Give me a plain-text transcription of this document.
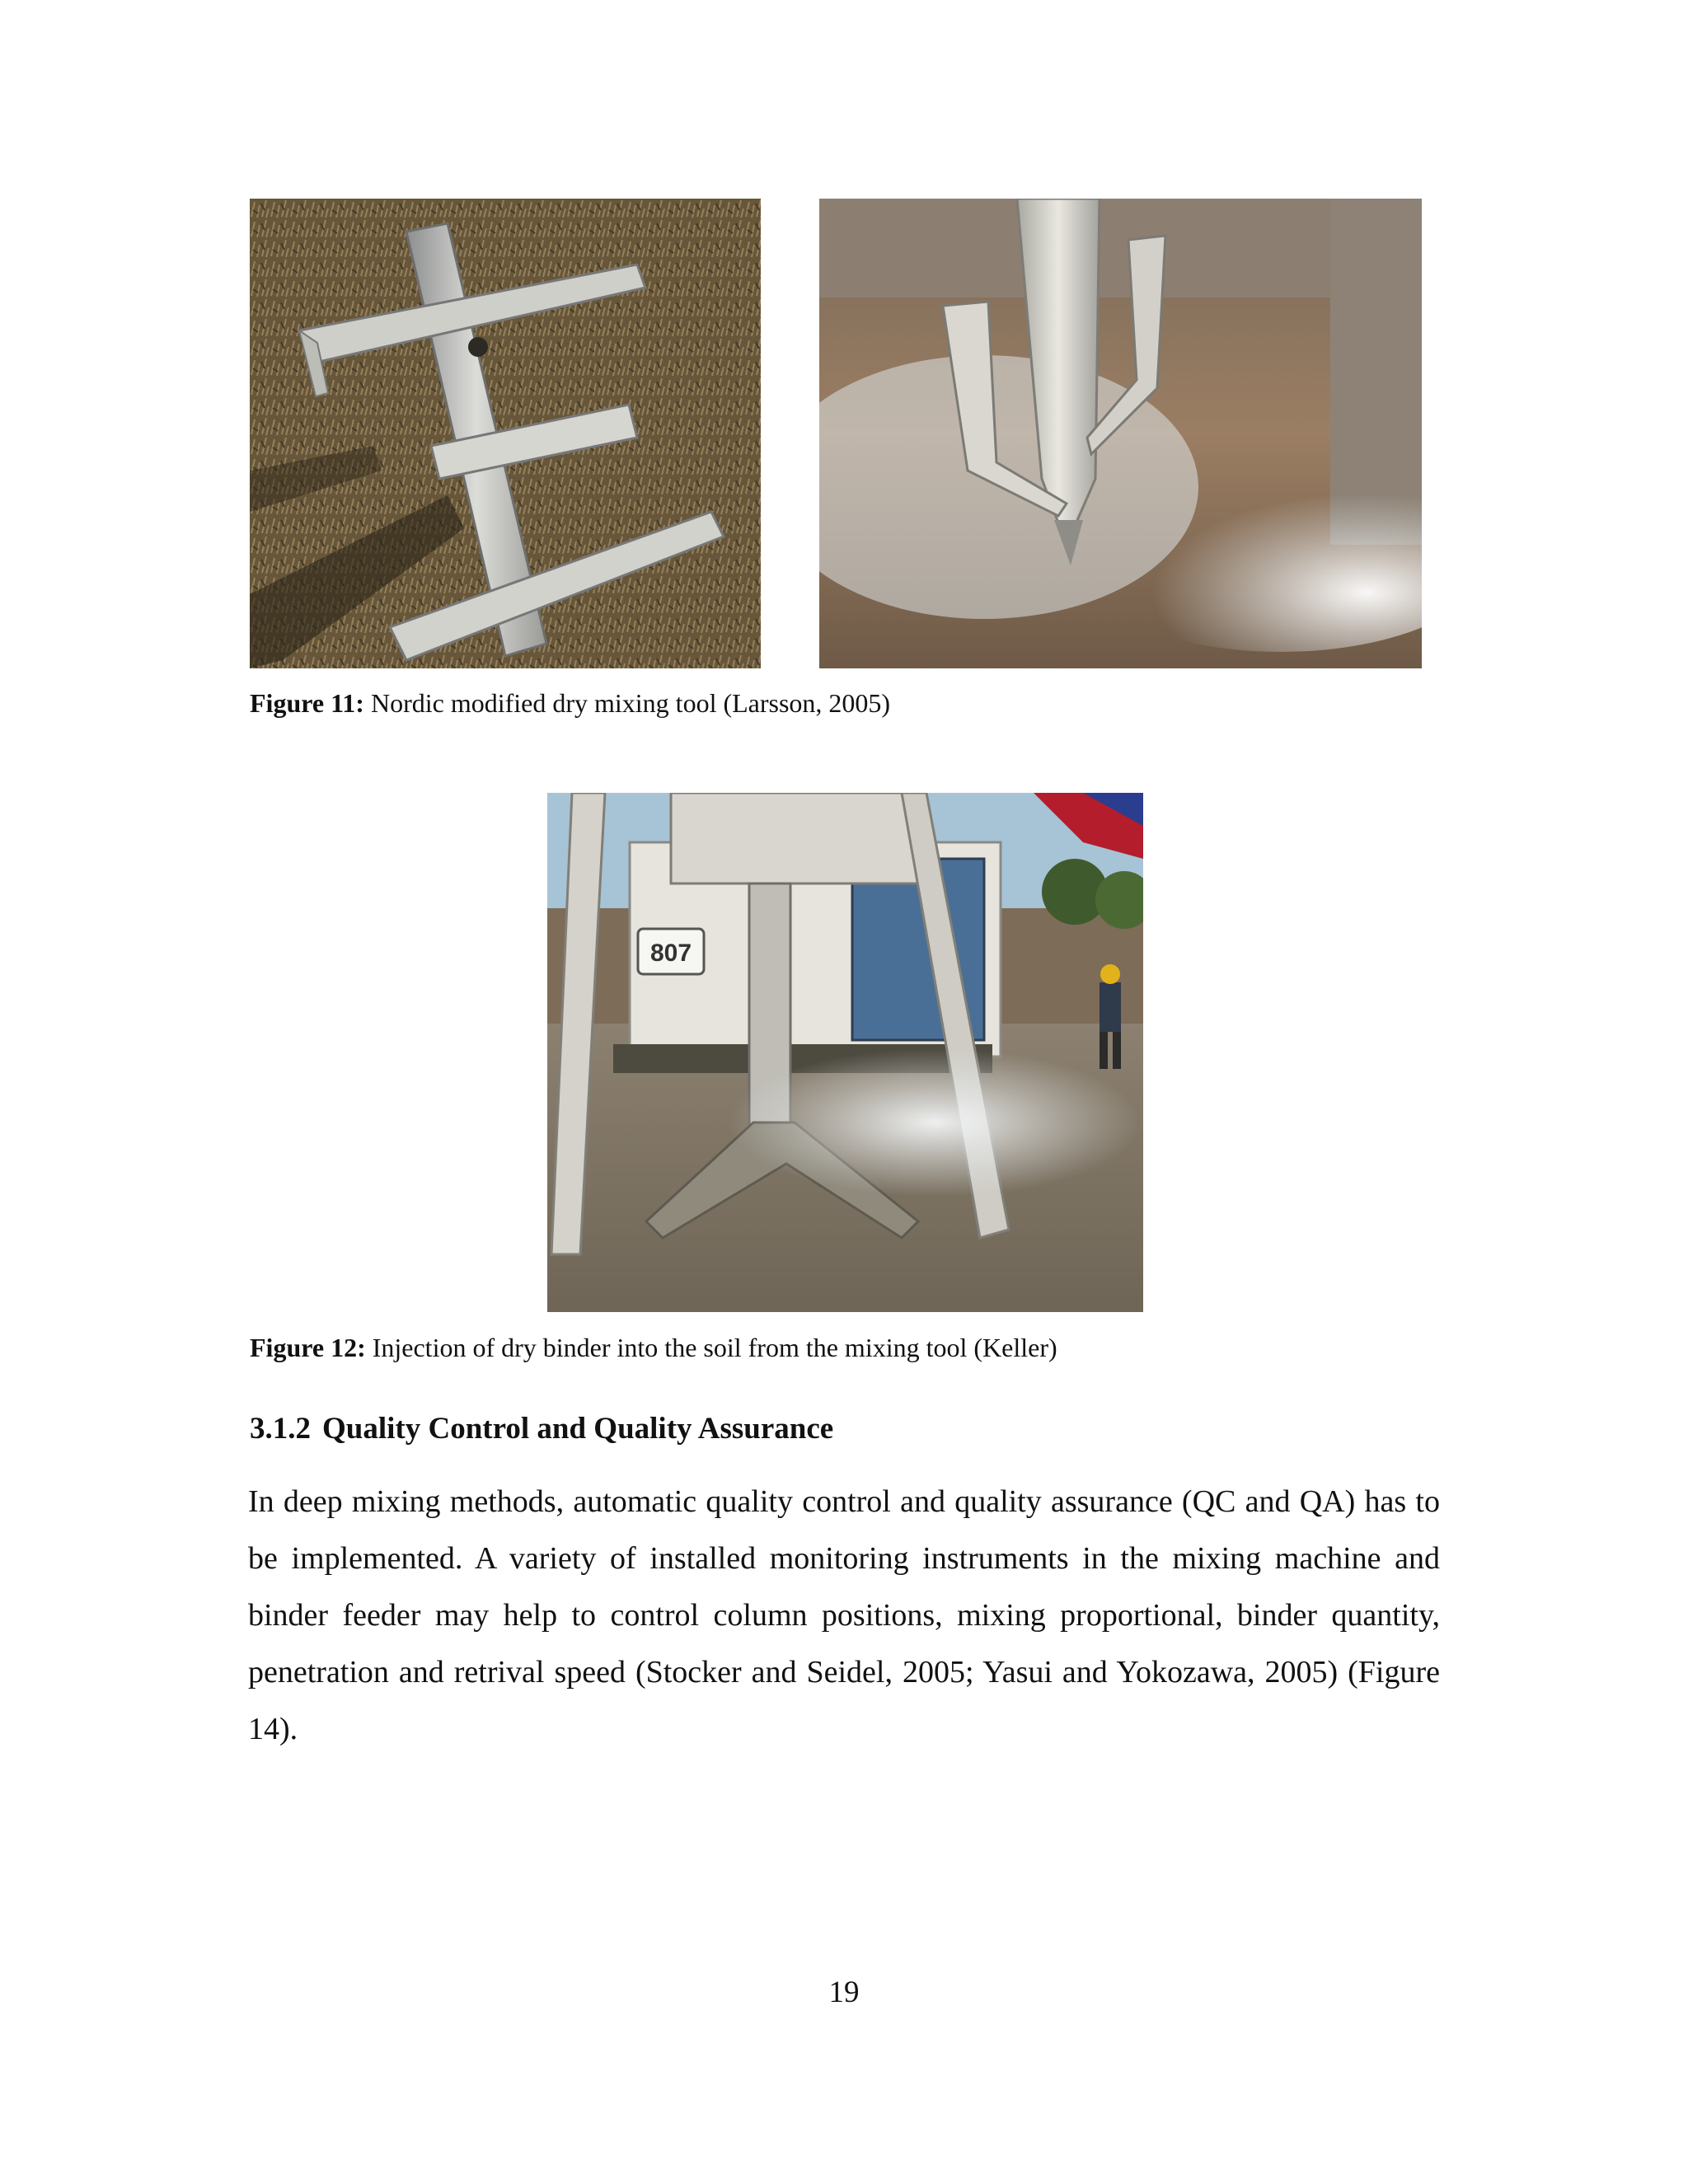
Figure 11: Nordic modified dry mixing tool (Larsson, 2005)
807
Figure 12: Injection of dry binder into the soil from the mixing tool (Keller)
3.1.2 Quality Control and Quality Assurance
In deep mixing methods, automatic quality control and quality assurance (QC and QA) has to be implemented. A variety of installed monitoring instruments in the mixing machine and binder feeder may help to control column positions, mixing proportional, binder quantity, penetration and retrival speed (Stocker and Seidel, 2005; Yasui and Yokozawa, 2005) (Figure 14).
19
